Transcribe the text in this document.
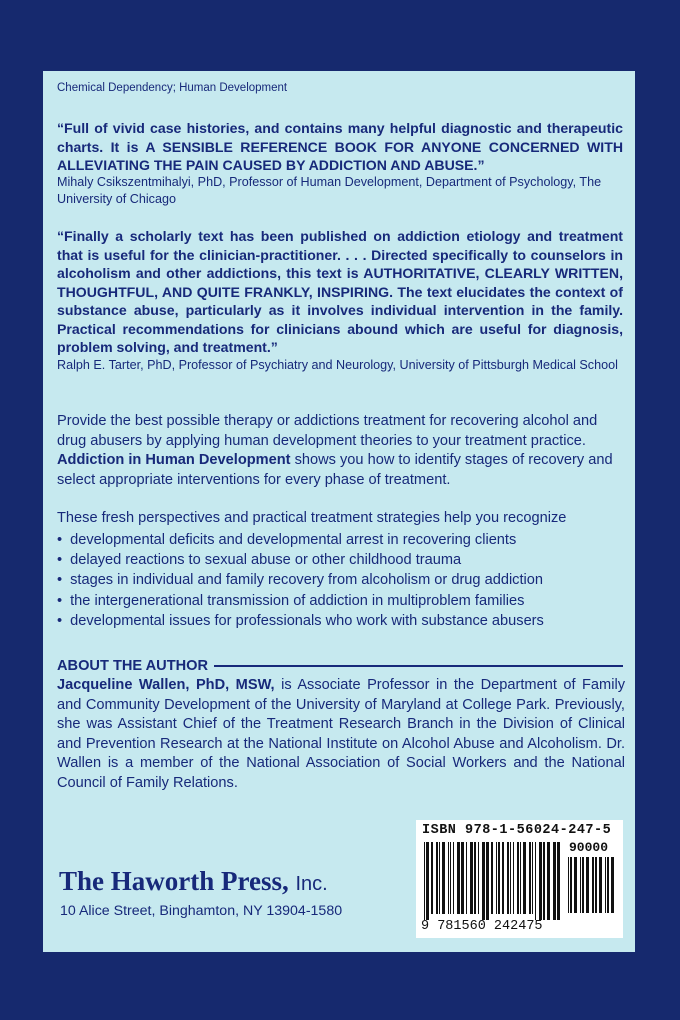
Chemical Dependency; Human Development
“Full of vivid case histories, and contains many helpful diagnostic and therapeutic charts. It is A SENSIBLE REFERENCE BOOK FOR ANYONE CONCERNED WITH ALLEVIATING THE PAIN CAUSED BY ADDICTION AND ABUSE.”
Mihaly Csikszentmihalyi, PhD, Professor of Human Development, Department of Psychology, The University of Chicago
“Finally a scholarly text has been published on addiction etiology and treatment that is useful for the clinician-practitioner. . . . Directed specifically to counselors in alcoholism and other addictions, this text is AUTHORITATIVE, CLEARLY WRITTEN, THOUGHTFUL, AND QUITE FRANKLY, INSPIRING. The text elucidates the context of substance abuse, particularly as it involves individual intervention in the family. Practical recommendations for clinicians abound which are useful for diagnosis, problem solving, and treatment.”
Ralph E. Tarter, PhD, Professor of Psychiatry and Neurology, University of Pittsburgh Medical School
Provide the best possible therapy or addictions treatment for recovering alcohol and drug abusers by applying human development theories to your treatment practice. Addiction in Human Development shows you how to identify stages of recovery and select appropriate interventions for every phase of treatment.
These fresh perspectives and practical treatment strategies help you recognize
• developmental deficits and developmental arrest in recovering clients
• delayed reactions to sexual abuse or other childhood trauma
• stages in individual and family recovery from alcoholism or drug addiction
• the intergenerational transmission of addiction in multiproblem families
• developmental issues for professionals who work with substance abusers
ABOUT THE AUTHOR
Jacqueline Wallen, PhD, MSW, is Associate Professor in the Department of Family and Community Development of the University of Maryland at College Park. Previously, she was Assistant Chief of the Treatment Research Branch in the Division of Clinical and Prevention Research at the National Institute on Alcohol Abuse and Alcoholism. Dr. Wallen is a member of the National Association of Social Workers and the National Council of Family Relations.
The Haworth Press, Inc.
10 Alice Street, Binghamton, NY 13904-1580
ISBN 978-1-56024-247-5
90000
9 781560 242475
